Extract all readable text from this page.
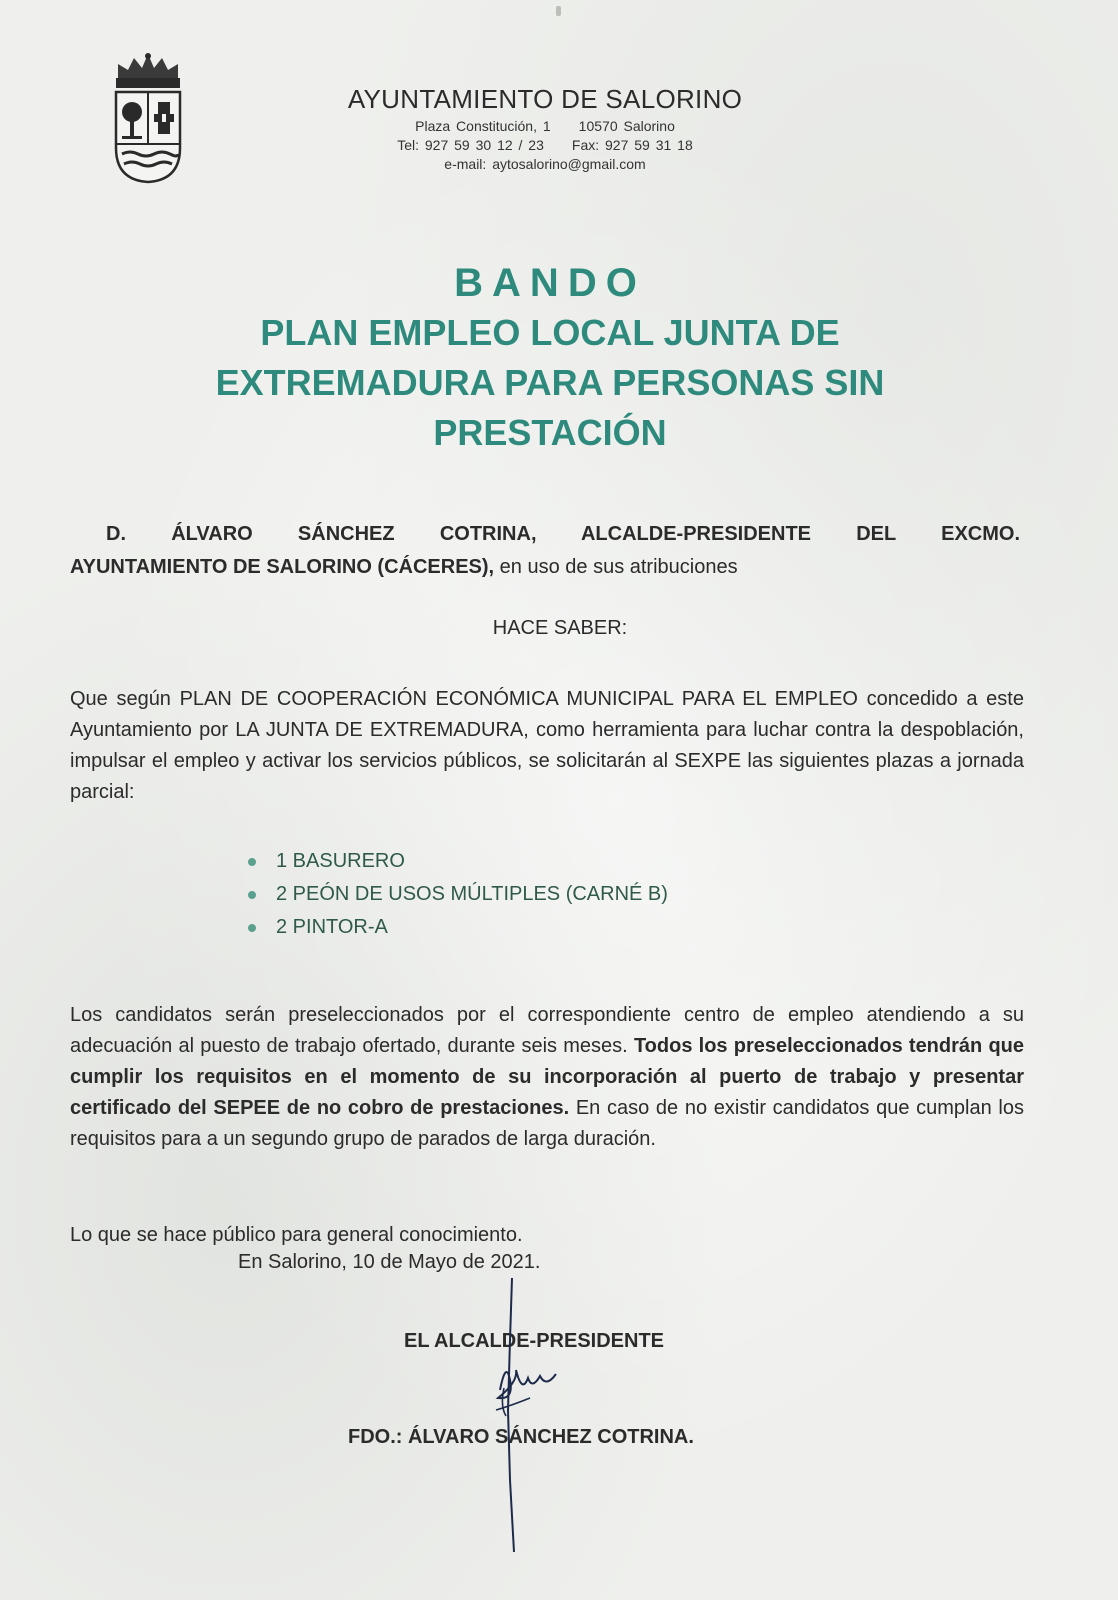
AYUNTAMIENTO DE SALORINO
Plaza Constitución, 1 10570 Salorino
Tel: 927 59 30 12 / 23 Fax: 927 59 31 18
e-mail: aytosalorino@gmail.com
BANDO
PLAN EMPLEO LOCAL JUNTA DE
EXTREMADURA PARA PERSONAS SIN
PRESTACIÓN
D. ÁLVARO SÁNCHEZ COTRINA, ALCALDE-PRESIDENTE DEL EXCMO.
AYUNTAMIENTO DE SALORINO (CÁCERES), en uso de sus atribuciones
HACE SABER:
Que según PLAN DE COOPERACIÓN ECONÓMICA MUNICIPAL PARA EL EMPLEO concedido a este Ayuntamiento por LA JUNTA DE EXTREMADURA, como herramienta para luchar contra la despoblación, impulsar el empleo y activar los servicios públicos, se solicitarán al SEXPE las siguientes plazas a jornada parcial:
1 BASURERO
2 PEÓN DE USOS MÚLTIPLES (CARNÉ B)
2 PINTOR-A
Los candidatos serán preseleccionados por el correspondiente centro de empleo atendiendo a su adecuación al puesto de trabajo ofertado, durante seis meses. Todos los preseleccionados tendrán que cumplir los requisitos en el momento de su incorporación al puerto de trabajo y presentar certificado del SEPEE de no cobro de prestaciones. En caso de no existir candidatos que cumplan los requisitos para a un segundo grupo de parados de larga duración.
Lo que se hace público para general conocimiento.
En Salorino, 10 de Mayo de 2021.
EL ALCALDE-PRESIDENTE
FDO.: ÁLVARO SÁNCHEZ COTRINA.
